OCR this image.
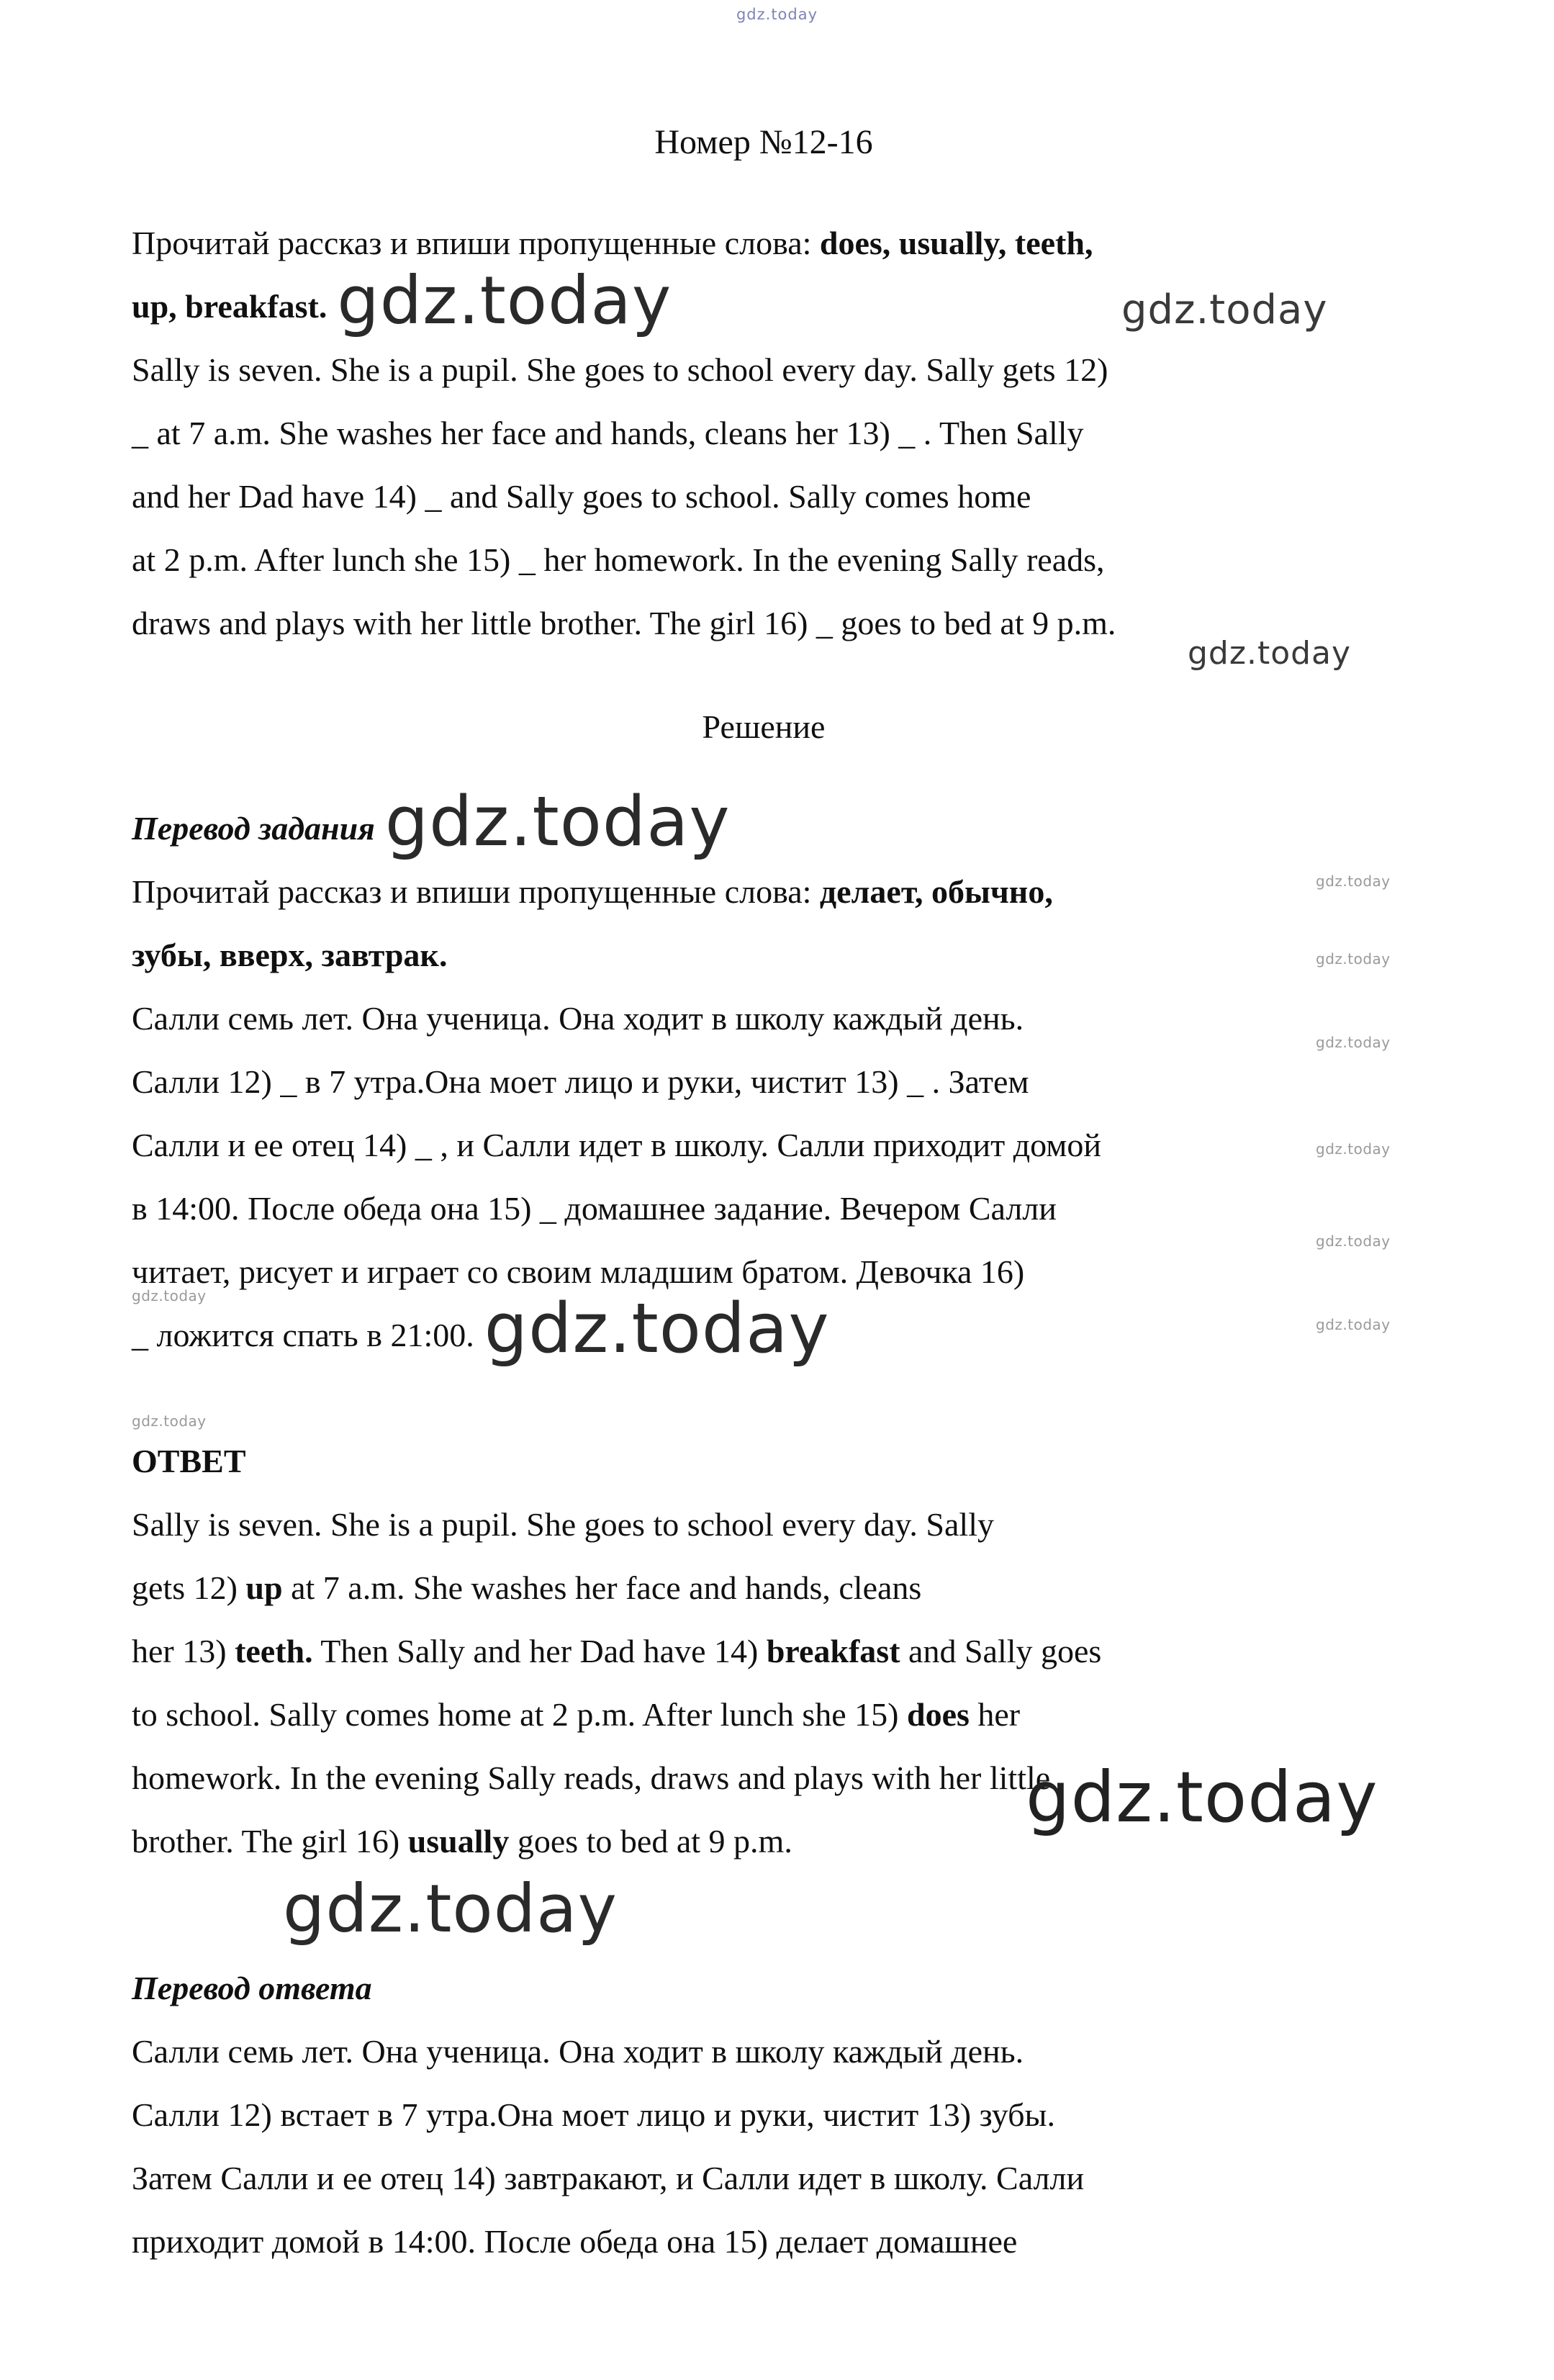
gdz.today
gdz.today
gdz.today
gdz.today
gdz.today
gdz.today
gdz.today
gdz.today
gdz.today
gdz.today
gdz.today
gdz.today
Номер №12-16
Прочитай рассказ и впиши пропущенные слова: does, usually, teeth,
up, breakfast. gdz.today
Sally is seven. She is a pupil. She goes to school every day. Sally gets 12)
_ at 7 a.m. She washes her face and hands, cleans her 13) _ . Then Sally
and her Dad have 14) _ and Sally goes to school. Sally comes home
at 2 p.m. After lunch she 15) _ her homework. In the evening Sally reads,
draws and plays with her little brother. The girl 16) _ goes to bed at 9 p.m.
Решение
Перевод задания gdz.today
Прочитай рассказ и впиши пропущенные слова: делает, обычно,
зубы, вверх, завтрак.
Салли семь лет. Она ученица. Она ходит в школу каждый день.
Салли 12) _ в 7 утра.Она моет лицо и руки, чистит 13) _ . Затем
Салли и ее отец 14) _ , и Салли идет в школу. Салли приходит домой
в 14:00. После обеда она 15) _ домашнее задание. Вечером Салли
читает, рисует и играет со своим младшим братом. Девочка 16)
_ ложится спать в 21:00. gdz.today
ОТВЕТ
Sally is seven. She is a pupil. She goes to school every day. Sally
gets 12) up at 7 a.m. She washes her face and hands, cleans
her 13) teeth. Then Sally and her Dad have 14) breakfast and Sally goes
to school. Sally comes home at 2 p.m. After lunch she 15) does her
homework. In the evening Sally reads, draws and plays with her little
brother. The girl 16) usually goes to bed at 9 p.m.
gdz.today
Перевод ответа
Салли семь лет. Она ученица. Она ходит в школу каждый день.
Салли 12) встает в 7 утра.Она моет лицо и руки, чистит 13) зубы.
Затем Салли и ее отец 14) завтракают, и Салли идет в школу. Салли
приходит домой в 14:00. После обеда она 15) делает домашнее
